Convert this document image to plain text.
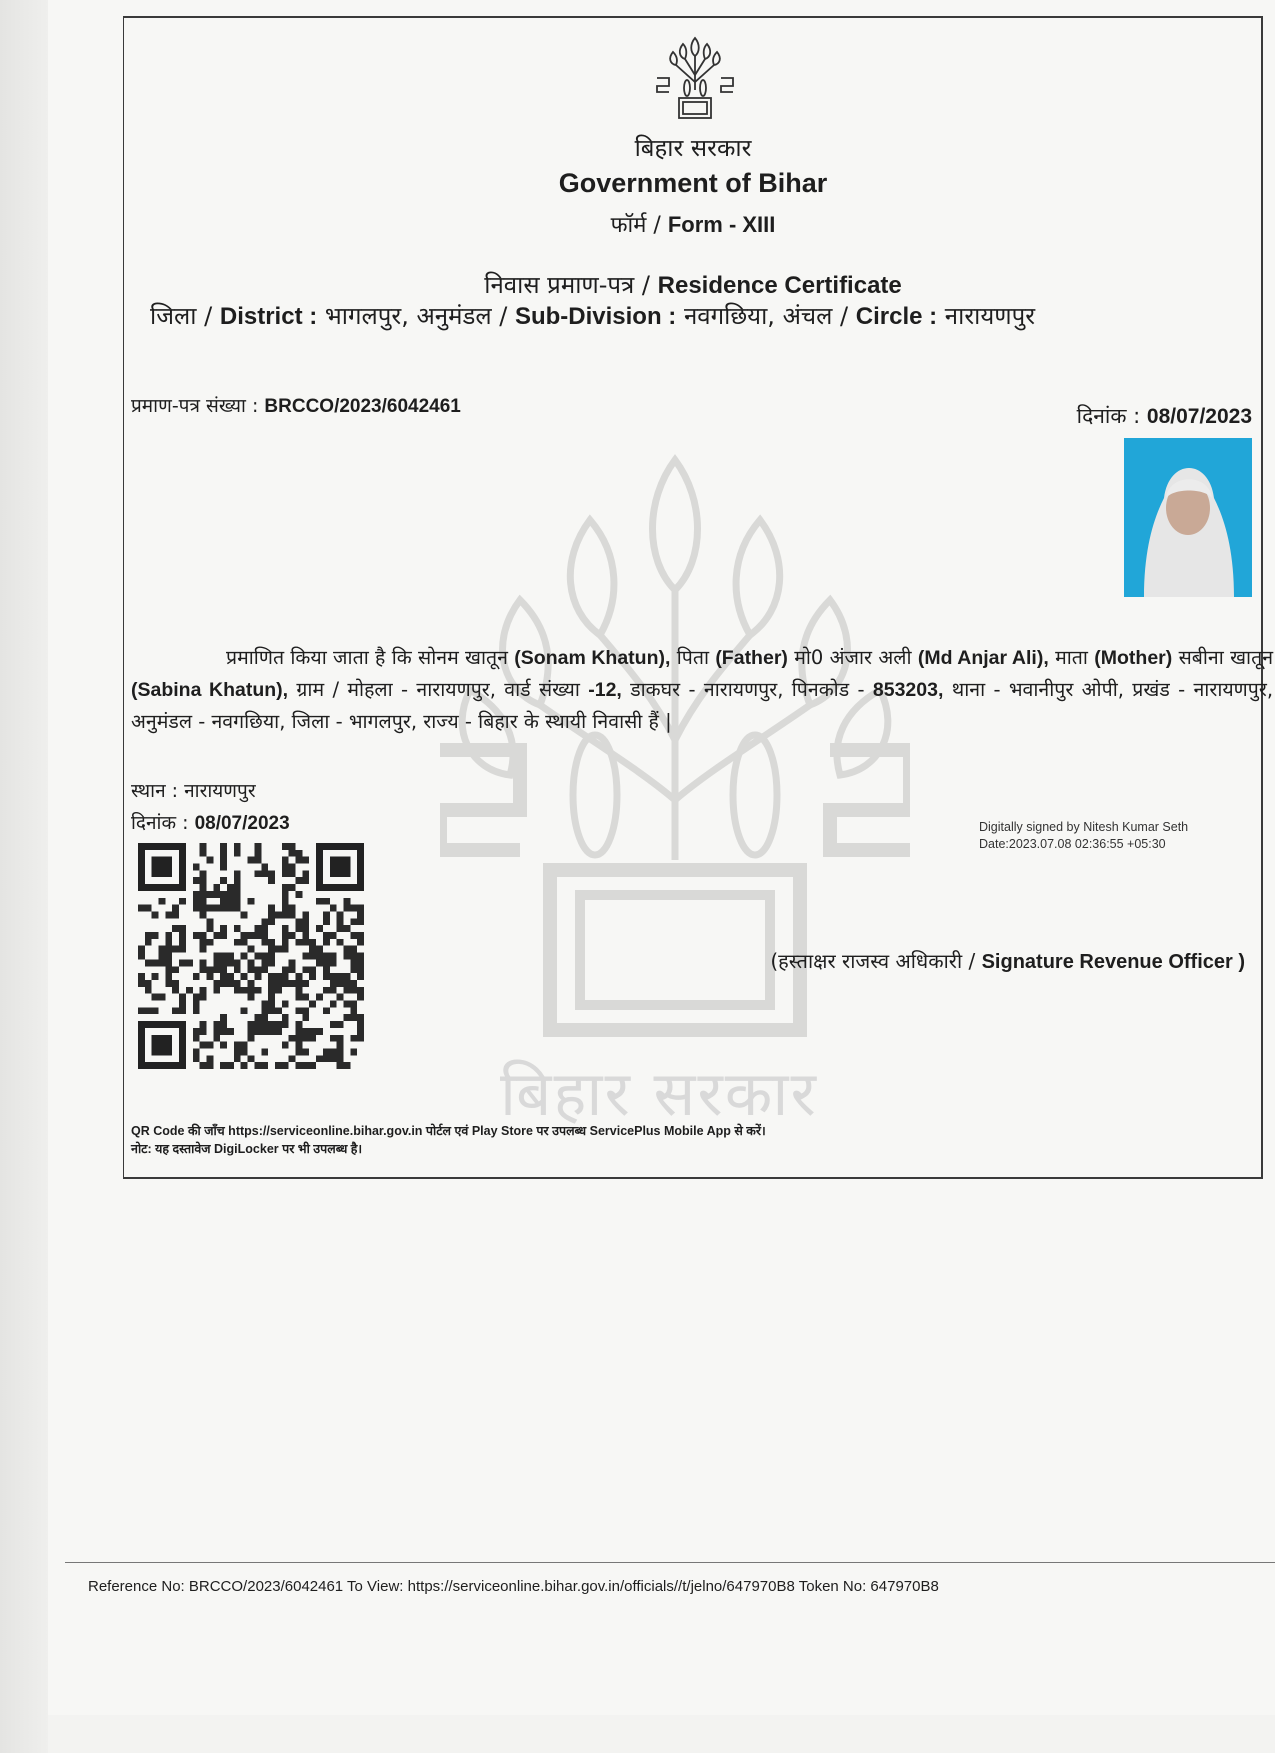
बिहार सरकार
बिहार सरकार
Government of Bihar
फॉर्म / Form - XIII
निवास प्रमाण-पत्र / Residence Certificate
जिला / District : भागलपुर, अनुमंडल / Sub-Division : नवगछिया, अंचल / Circle : नारायणपुर
प्रमाण-पत्र संख्या : BRCCO/2023/6042461	दिनांक : 08/07/2023
प्रमाणित किया जाता है कि सोनम खातून (Sonam Khatun), पिता (Father) मो0 अंजार अली (Md Anjar Ali), माता (Mother) सबीना खातून (Sabina Khatun), ग्राम / मोहला - नारायणपुर, वार्ड संख्या -12, डाकघर - नारायणपुर, पिनकोड - 853203, थाना - भवानीपुर ओपी, प्रखंड - नारायणपुर, अनुमंडल - नवगछिया, जिला - भागलपुर, राज्य - बिहार के स्थायी निवासी हैं |
स्थान : नारायणपुर
दिनांक : 08/07/2023	Digitally signed by Nitesh Kumar Seth
Date:2023.07.08 02:36:55 +05:30
(हस्ताक्षर राजस्व अधिकारी / Signature Revenue Officer )
QR Code की जाँच https://serviceonline.bihar.gov.in पोर्टल एवं Play Store पर उपलब्ध ServicePlus Mobile App से करें।
नोट: यह दस्तावेज DigiLocker पर भी उपलब्ध है।
Reference No: BRCCO/2023/6042461 To View: https://serviceonline.bihar.gov.in/officials//t/jelno/647970B8 Token No: 647970B8
